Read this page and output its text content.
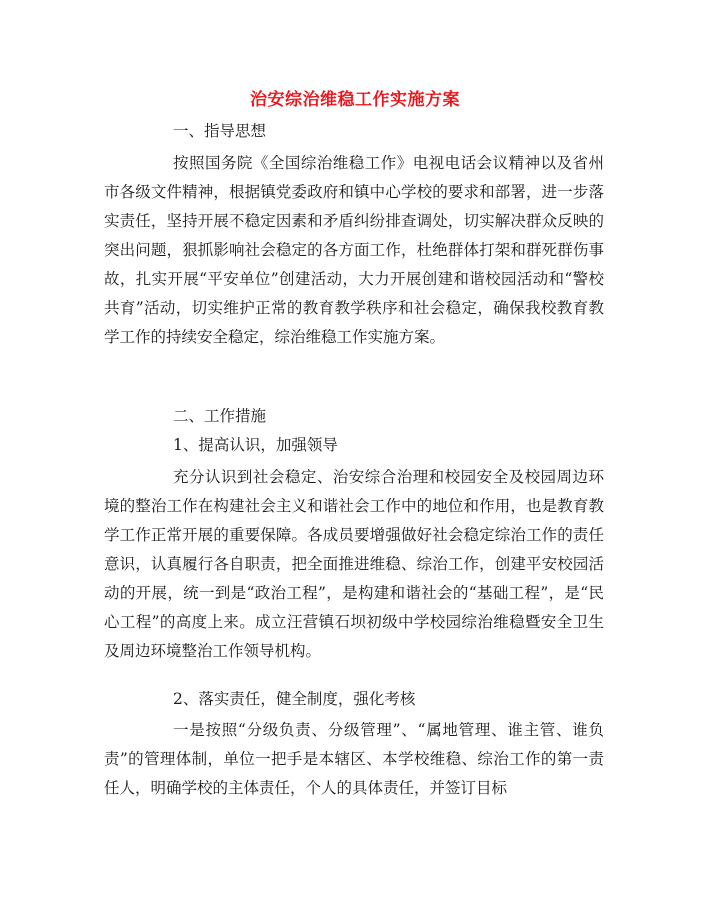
治安综治维稳工作实施方案
一、指导思想
按照国务院《全国综治维稳工作》电视电话会议精神以及省州市各级文件精神，根据镇党委政府和镇中心学校的要求和部署，进一步落实责任，坚持开展不稳定因素和矛盾纠纷排查调处，切实解决群众反映的突出问题，狠抓影响社会稳定的各方面工作，杜绝群体打架和群死群伤事故，扎实开展“平安单位”创建活动，大力开展创建和谐校园活动和“警校共育”活动，切实维护正常的教育教学秩序和社会稳定，确保我校教育教学工作的持续安全稳定，综治维稳工作实施方案。
二、工作措施
1、提高认识，加强领导
充分认识到社会稳定、治安综合治理和校园安全及校园周边环境的整治工作在构建社会主义和谐社会工作中的地位和作用，也是教育教学工作正常开展的重要保障。各成员要增强做好社会稳定综治工作的责任意识，认真履行各自职责，把全面推进维稳、综治工作，创建平安校园活动的开展，统一到是“政治工程”，是构建和谐社会的“基础工程”，是“民心工程”的高度上来。成立汪营镇石坝初级中学校园综治维稳暨安全卫生及周边环境整治工作领导机构。
2、落实责任，健全制度，强化考核
一是按照“分级负责、分级管理”、“属地管理、谁主管、谁负责”的管理体制，单位一把手是本辖区、本学校维稳、综治工作的第一责任人，明确学校的主体责任，个人的具体责任，并签订目标
